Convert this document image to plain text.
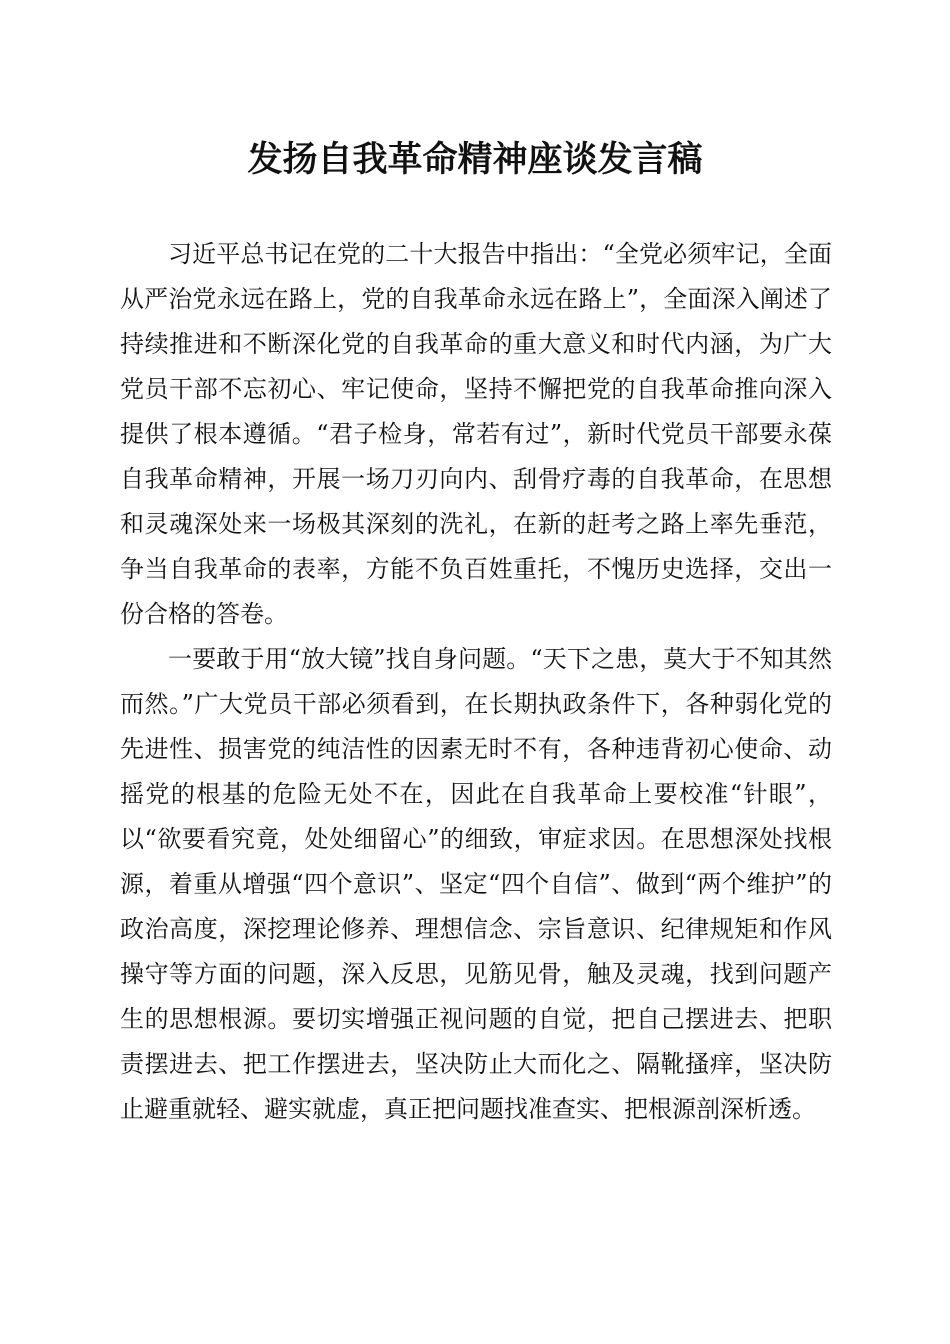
发扬自我革命精神座谈发言稿

习近平总书记在党的二十大报告中指出：“全党必须牢记，全面从严治党永远在路上，党的自我革命永远在路上”，全面深入阐述了持续推进和不断深化党的自我革命的重大意义和时代内涵，为广大党员干部不忘初心、牢记使命，坚持不懈把党的自我革命推向深入提供了根本遵循。“君子检身，常若有过”，新时代党员干部要永葆自我革命精神，开展一场刀刃向内、刮骨疗毒的自我革命，在思想和灵魂深处来一场极其深刻的洗礼，在新的赶考之路上率先垂范，争当自我革命的表率，方能不负百姓重托，不愧历史选择，交出一份合格的答卷。

一要敢于用“放大镜”找自身问题。“天下之患，莫大于不知其然而然。”广大党员干部必须看到，在长期执政条件下，各种弱化党的先进性、损害党的纯洁性的因素无时不有，各种违背初心使命、动摇党的根基的危险无处不在，因此在自我革命上要校准“针眼”，以“欲要看究竟，处处细留心”的细致，审症求因。在思想深处找根源，着重从增强“四个意识”、坚定“四个自信”、做到“两个维护”的政治高度，深挖理论修养、理想信念、宗旨意识、纪律规矩和作风操守等方面的问题，深入反思，见筋见骨，触及灵魂，找到问题产生的思想根源。要切实增强正视问题的自觉，把自己摆进去、把职责摆进去、把工作摆进去，坚决防止大而化之、隔靴搔痒，坚决防止避重就轻、避实就虚，真正把问题找准查实、把根源剖深析透。
